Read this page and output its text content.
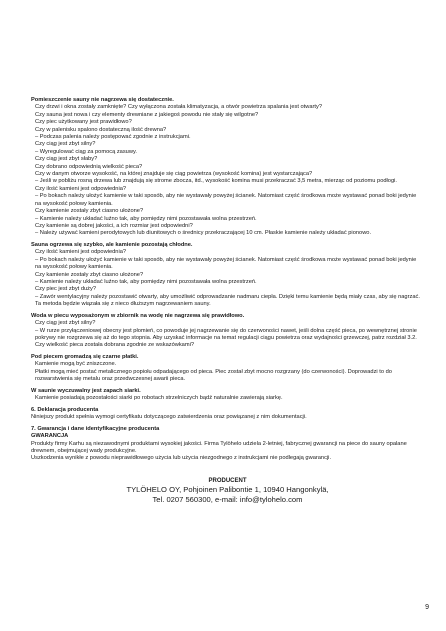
Pomieszczenie sauny nie nagrzewa się dostatecznie.

Czy drzwi i okna zostały zamknięte? Czy wyłączona została klimatyzacja, a otwór powietrza spalania jest otwarty?

Czy sauna jest nowa i czy elementy drewniane z jakiegoś powodu nie stały się wilgotne?

Czy piec użytkowany jest prawidłowo?

Czy w palenisku spalono dostateczną ilość drewna?

– Podczas palenia należy postępować zgodnie z instrukcjami.

Czy ciąg jest zbyt silny?

– Wyregulować ciąg za pomocą zasuwy.

Czy ciąg jest zbyt słaby?

Czy dobrano odpowiednią wielkość pieca?

Czy w danym otworze wysokość, na której znajduje się ciąg powietrza (wysokość komina) jest wystarczająca?

– Jeśli w pobliżu rosną drzewa lub znajdują się strome zbocza, itd., wysokość komina musi przekraczać 3,5 metra, mierząc od poziomu podłogi.

Czy ilość kamieni jest odpowiednia?

– Po bokach należy ułożyć kamienie w taki sposób, aby nie wystawały powyżej ścianek. Natomiast część środkowa może wystawać ponad boki jedynie na wysokość połowy kamienia.

Czy kamienie zostały zbyt ciasno ułożone?

– Kamienie należy układać luźno tak, aby pomiędzy nimi pozostawała wolna przestrzeń.

Czy kamienie są dobrej jakości, a ich rozmiar jest odpowiedni?

– Należy używać kamieni perodytowych lub diunitowych o średnicy przekraczającej 10 cm. Płaskie kamienie należy układać pionowo.

Sauna ogrzewa się szybko, ale kamienie pozostają chłodne.

Czy ilość kamieni jest odpowiednia?

– Po bokach należy ułożyć kamienie w taki sposób, aby nie wystawały powyżej ścianek. Natomiast część środkowa może wystawać ponad boki jedynie na wysokość połowy kamienia.

Czy kamienie zostały zbyt ciasno ułożone?

– Kamienie należy układać luźno tak, aby pomiędzy nimi pozostawała wolna przestrzeń.

Czy piec jest zbyt duży?

– Zawór wentylacyjny należy pozostawić otwarty, aby umożliwić odprowadzanie nadmaru ciepła. Dzięki temu kamienie będą miały czas, aby się nagrzać. Ta metoda będzie wiązała się z nieco dłuższym nagrzewaniem sauny.

Woda w piecu wyposażonym w zbiornik na wodę nie nagrzewa się prawidłowo.

Czy ciąg jest zbyt silny?

– W rurze przyłączeniowej obecny jest płomień, co powoduje jej nagrzewanie się do czerwoności nawet, jeśli dolna część pieca, po wewnętrznej stronie pokrywy nie rozgrzewa się aż do tego stopnia. Aby uzyskać informacje na temat regulacji ciągu powietrza oraz wydajności grzewczej, patrz rozdział 3.2.

Czy wielkość pieca została dobrana zgodnie ze wskazówkami?

Pod piecem gromadzą się czarne płatki.

Kamienie mogą być zniszczone.

Płatki mogą mieć postać metalicznego popiołu odpadającego od pieca. Piec został zbyt mocno rozgrzany (do czerwoności). Doprowadzi to do rozwarstwienia się metalu oraz przedwczesnej awarii pieca.

W saunie wyczuwalny jest zapach siarki.

Kamienie posiadają pozostałości siarki po robotach strzelniczych bądź naturalnie zawierają siarkę.

6. Deklaracja producenta

Niniejszy produkt spełnia wymogi certyfikatu dotyczącego zatwierdzenia oraz powiązanej z nim dokumentacji.

7. Gwarancja i dane identyfikacyjne producenta

GWARANCJA

Produkty firmy Karhu są niezawodnymi produktami wysokiej jakości. Firma Tylöhelo udziela 2-letniej, fabrycznej gwarancji na piece do sauny opalane drewnem, obejmującej wady produkcyjne.

Uszkodzenia wynikłe z powodu nieprawidłowego użycia lub użycia niezgodnego z instrukcjami nie podlegają gwarancji.

PRODUCENT
TYLÖHELO OY, Pohjoinen Palibontie 1, 10940 Hangonkylä,
Tel. 0207 560300, e-mail: info@tylohelo.com
9
